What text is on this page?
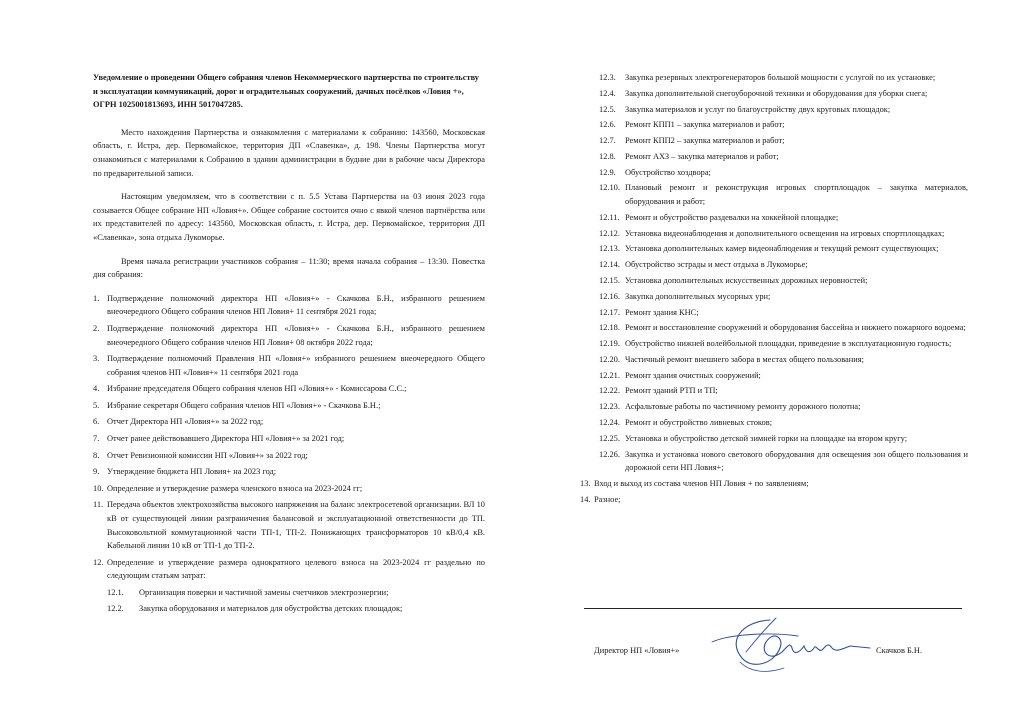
Уведомление о проведении Общего собрания членов Некоммерческого партнерства по строительству и эксплуатации коммуникаций, дорог и оградительных сооружений, дачных посёлков «Ловия +», ОГРН 1025001813693, ИНН 5017047285.
Место нахождения Партнерства и ознакомления с материалами к собранию: 143560, Московская область, г. Истра, дер. Первомайское, территория ДП «Славенка», д. 198. Члены Партнерства могут ознакомиться с материалами к Собранию в здании администрации в будние дни в рабочие часы Директора по предварительной записи.
Настоящим уведомляем, что в соответствии с п. 5.5 Устава Партнерства на 03 июня 2023 года созывается Общее собрание НП «Ловия+». Общее собрание состоится очно с явкой членов партнёрства или их представителей по адресу: 143560, Московская область, г. Истра, дер. Первомайское, территория ДП «Славенка», зона отдыха Лукоморье.
Время начала регистрации участников собрания – 11:30; время начала собрания – 13:30. Повестка дня собрания:
1. Подтверждение полномочий директора НП «Ловия+» - Скачкова Б.Н., избранного решением внеочередного Общего собрания членов НП Ловия+ 11 сентября 2021 года;
2. Подтверждение полномочий директора НП «Ловия+» - Скачкова Б.Н., избранного решением внеочередного Общего собрания членов НП Ловия+ 08 октября 2022 года;
3. Подтверждение полномочий Правления НП «Ловия+» избранного решением внеочередного Общего собрания членов НП «Ловия+» 11 сентября 2021 года
4. Избрание председателя Общего собрания членов НП «Ловия+» - Комиссарова С.С.;
5. Избрание секретаря Общего собрания членов НП «Ловия+» - Скачкова Б.Н.;
6. Отчет Директора НП «Ловия+» за 2022 год;
7. Отчет ранее действовавшего Директора НП «Ловия+» за 2021 год;
8. Отчет Ревизионной комиссии НП «Ловия+» за 2022 год;
9. Утверждение бюджета НП Ловия+ на 2023 год;
10. Определение и утверждение размера членского взноса на 2023-2024 гг;
11. Передача объектов электрохозяйства высокого напряжения на баланс электросетевой организации. ВЛ 10 кВ от существующей линии разграничения балансовой и эксплуатационной ответственности до ТП. Высоковольтной коммутационной части ТП-1, ТП-2. Понижающих трансформаторов 10 кВ/0,4 кВ. Кабельной линии 10 кВ от ТП-1 до ТП-2.
12. Определение и утверждение размера однократного целевого взноса на 2023-2024 гг раздельно по следующим статьям затрат:
12.1. Организация поверки и частичной замены счетчиков электроэнергии;
12.2. Закупка оборудования и материалов для обустройства детских площадок;
12.3. Закупка резервных электрогенераторов большой мощности с услугой по их установке;
12.4. Закупка дополнительной снегоуборочной техники и оборудования для уборки снега;
12.5. Закупка материалов и услуг по благоустройству двух круговых площадок;
12.6. Ремонт КПП1 – закупка материалов и работ;
12.7. Ремонт КПП2 – закупка материалов и работ;
12.8. Ремонт АХЗ – закупка материалов и работ;
12.9. Обустройство хоздвора;
12.10. Плановый ремонт и реконструкция игровых спортплощадок – закупка материалов, оборудования и работ;
12.11. Ремонт и обустройство раздевалки на хоккейной площадке;
12.12. Установка видеонаблюдения и дополнительного освещения на игровых спортплощадках;
12.13. Установка дополнительных камер видеонаблюдения и текущий ремонт существующих;
12.14. Обустройство эстрады и мест отдыха в Лукоморье;
12.15. Установка дополнительных искусственных дорожных неровностей;
12.16. Закупка дополнительных мусорных урн;
12.17. Ремонт здания КНС;
12.18. Ремонт и восстановление сооружений и оборудования бассейна и нижнего пожарного водоема;
12.19. Обустройство нижней волейбольной площадки, приведение в эксплуатационную годность;
12.20. Частичный ремонт внешнего забора в местах общего пользования;
12.21. Ремонт здания очистных сооружений;
12.22. Ремонт зданий РТП и ТП;
12.23. Асфальтовые работы по частичному ремонту дорожного полотна;
12.24. Ремонт и обустройство ливневых стоков;
12.25. Установка и обустройство детской зимней горки на площадке на втором кругу;
12.26. Закупка и установка нового светового оборудования для освещения зон общего пользования и дорожной сети НП Ловия+;
13. Вход и выход из состава членов НП Ловия + по заявлениям;
14. Разное;
Директор НП «Ловия+»	Скачков Б.Н.
